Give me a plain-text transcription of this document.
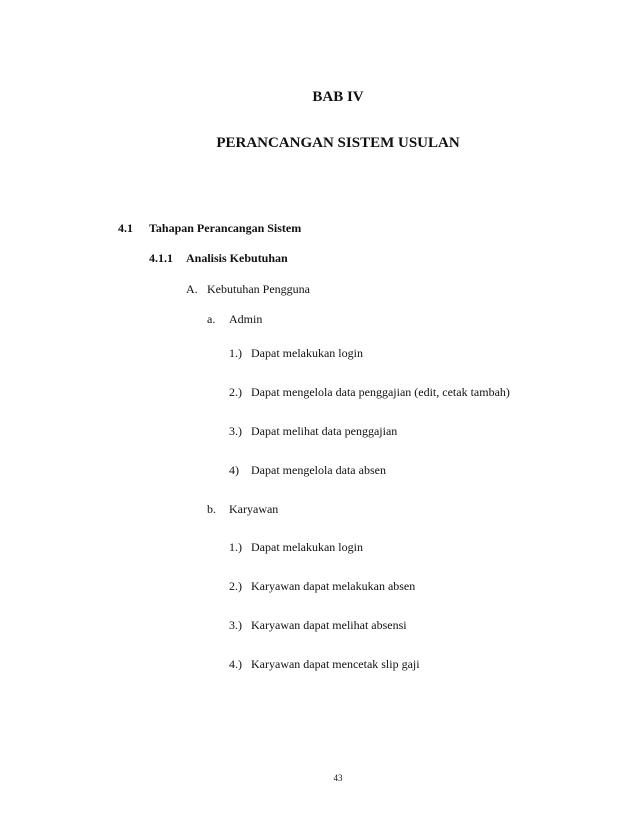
BAB IV
PERANCANGAN SISTEM USULAN
4.1 Tahapan Perancangan Sistem
4.1.1 Analisis Kebutuhan
A. Kebutuhan Pengguna
a. Admin
1.) Dapat melakukan login
2.) Dapat mengelola data penggajian (edit, cetak tambah)
3.) Dapat melihat data penggajian
4) Dapat mengelola data absen
b. Karyawan
1.) Dapat melakukan login
2.) Karyawan dapat melakukan absen
3.) Karyawan dapat melihat absensi
4.) Karyawan dapat mencetak slip gaji
43
